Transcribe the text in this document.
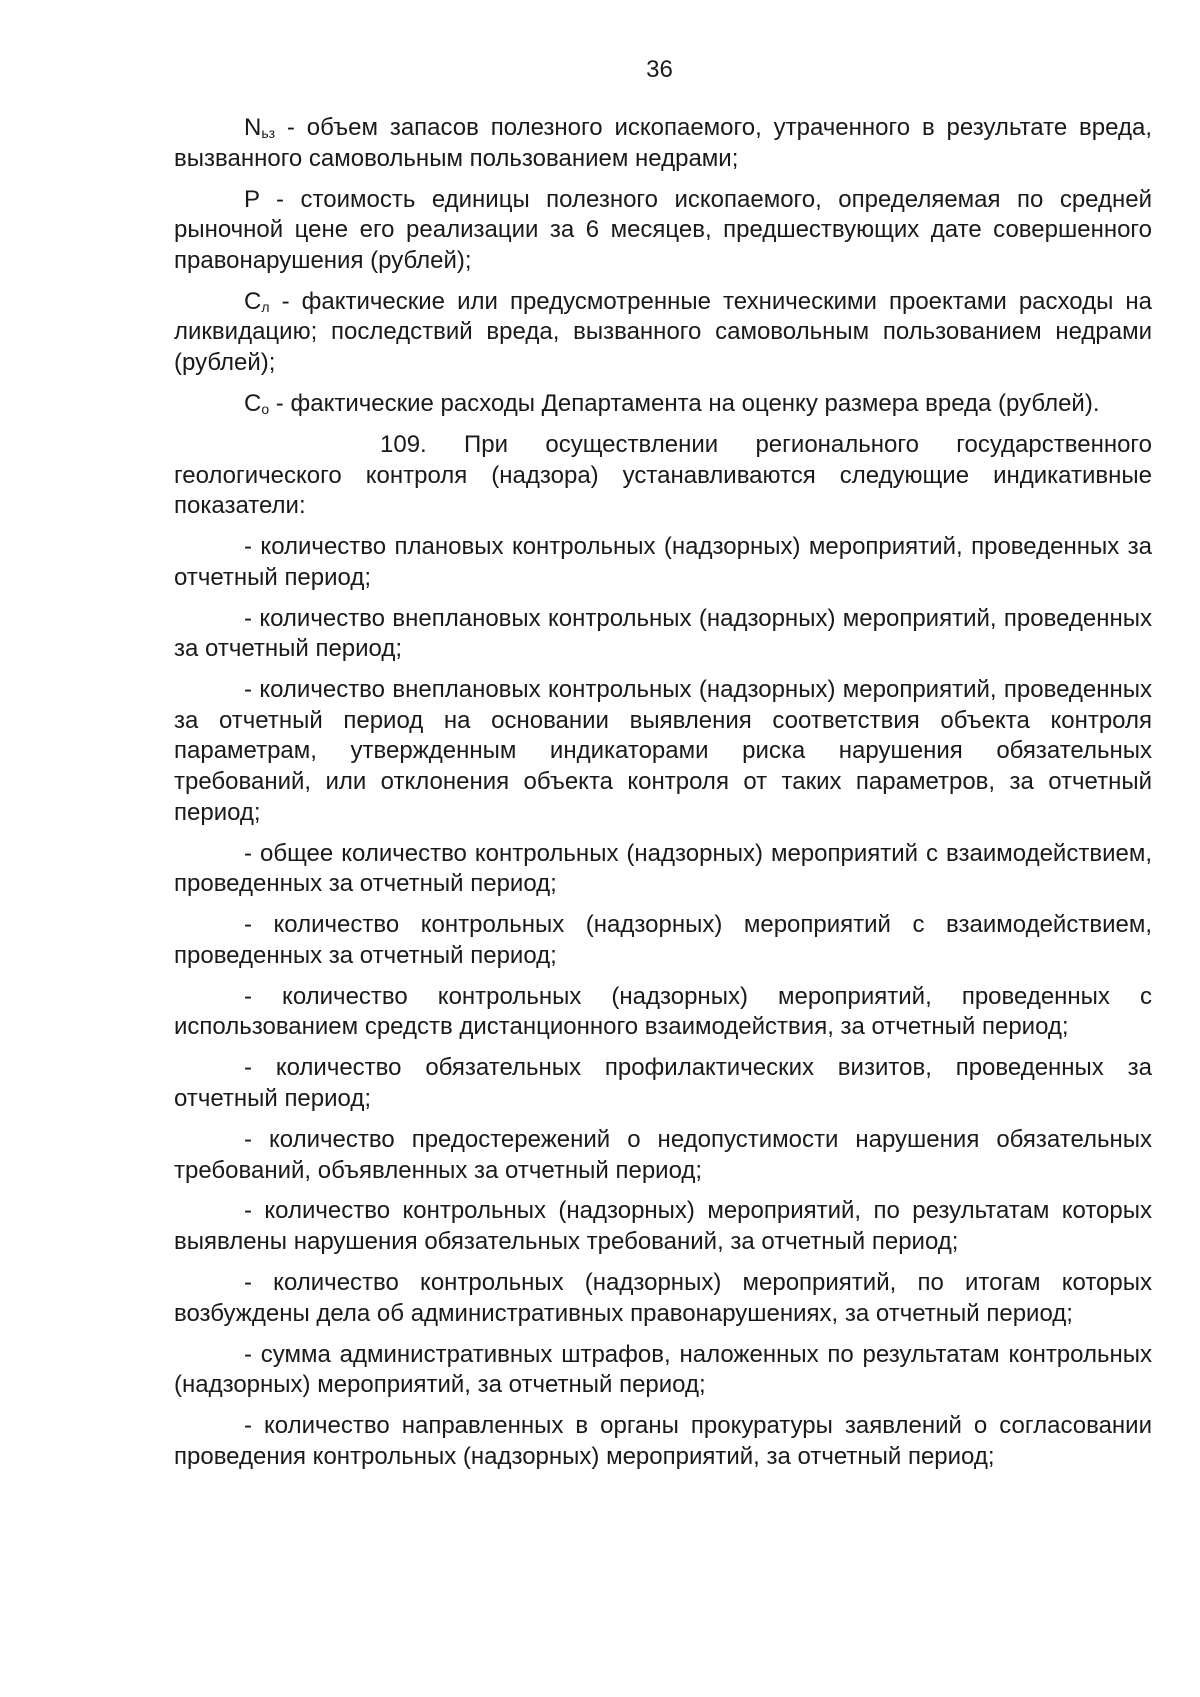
36

$N_{ьз}$ - объем запасов полезного ископаемого, утраченного в результате вреда, вызванного самовольным пользованием недрами;

P - стоимость единицы полезного ископаемого, определяемая по средней рыночной цене его реализации за 6 месяцев, предшествующих дате совершенного правонарушения (рублей);

$С_л$ - фактические или предусмотренные техническими проектами расходы на ликвидацию; последствий вреда, вызванного самовольным пользованием недрами (рублей);

$С_о$ - фактические расходы Департамента на оценку размера вреда (рублей).

109. При осуществлении регионального государственного геологического контроля (надзора) устанавливаются следующие индикативные показатели:

- количество плановых контрольных (надзорных) мероприятий, проведенных за отчетный период;

- количество внеплановых контрольных (надзорных) мероприятий, проведенных за отчетный период;

- количество внеплановых контрольных (надзорных) мероприятий, проведенных за отчетный период на основании выявления соответствия объекта контроля параметрам, утвержденным индикаторами риска нарушения обязательных требований, или отклонения объекта контроля от таких параметров, за отчетный период;

- общее количество контрольных (надзорных) мероприятий с взаимодействием, проведенных за отчетный период;

- количество контрольных (надзорных) мероприятий с взаимодействием, проведенных за отчетный период;

- количество контрольных (надзорных) мероприятий, проведенных с использованием средств дистанционного взаимодействия, за отчетный период;

- количество обязательных профилактических визитов, проведенных за отчетный период;

- количество предостережений о недопустимости нарушения обязательных требований, объявленных за отчетный период;

- количество контрольных (надзорных) мероприятий, по результатам которых выявлены нарушения обязательных требований, за отчетный период;

- количество контрольных (надзорных) мероприятий, по итогам которых возбуждены дела об административных правонарушениях, за отчетный период;

- сумма административных штрафов, наложенных по результатам контрольных (надзорных) мероприятий, за отчетный период;

- количество направленных в органы прокуратуры заявлений о согласовании проведения контрольных (надзорных) мероприятий, за отчетный период;
